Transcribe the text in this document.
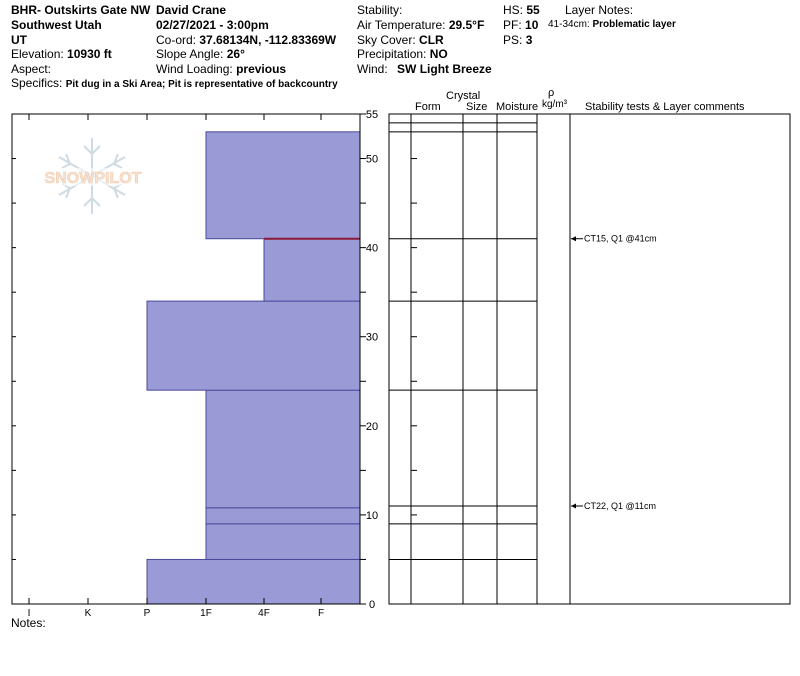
BHR- Outskirts Gate NW
Southwest Utah
UT
Elevation: 10930 ft
Aspect:
Specifics: Pit dug in a Ski Area; Pit is representative of backcountry
David Crane
02/27/2021 - 3:00pm
Co-ord: 37.68134N, -112.83369W
Slope Angle: 26°
Wind Loading: previous
Stability:
Air Temperature: 29.5°F
Sky Cover: CLR
Precipitation: NO
Wind: SW Light Breeze
HS: 55
PF: 10
PS: 3
Layer Notes:
41-34cm: Problematic layer
Crystal
Form Size Moisture
ρ
kg/m³ Stability tests & Layer comments
Notes:
SNOWPILOT
I	K	P	1F	4F	F
0
10
20
30
40
50
55
CT15, Q1 @41cm
CT22, Q1 @11cm
